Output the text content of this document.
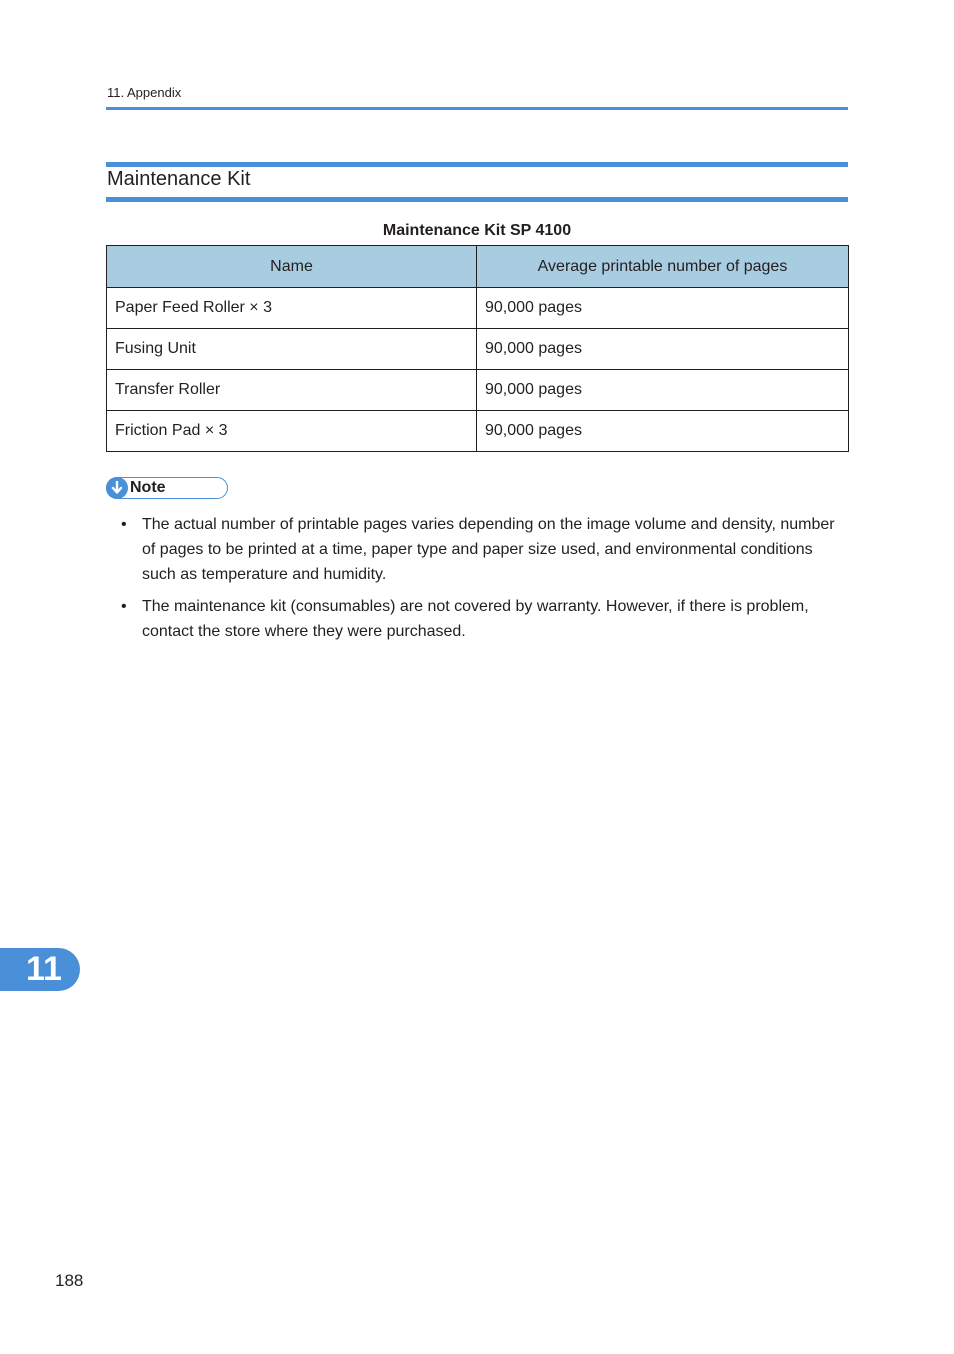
11. Appendix
Maintenance Kit
Maintenance Kit SP 4100
Name	Average printable number of pages
Paper Feed Roller × 3	90,000 pages
Fusing Unit	90,000 pages
Transfer Roller	90,000 pages
Friction Pad × 3	90,000 pages
Note
• The actual number of printable pages varies depending on the image volume and density, number of pages to be printed at a time, paper type and paper size used, and environmental conditions such as temperature and humidity.
• The maintenance kit (consumables) are not covered by warranty. However, if there is problem, contact the store where they were purchased.
11
188
